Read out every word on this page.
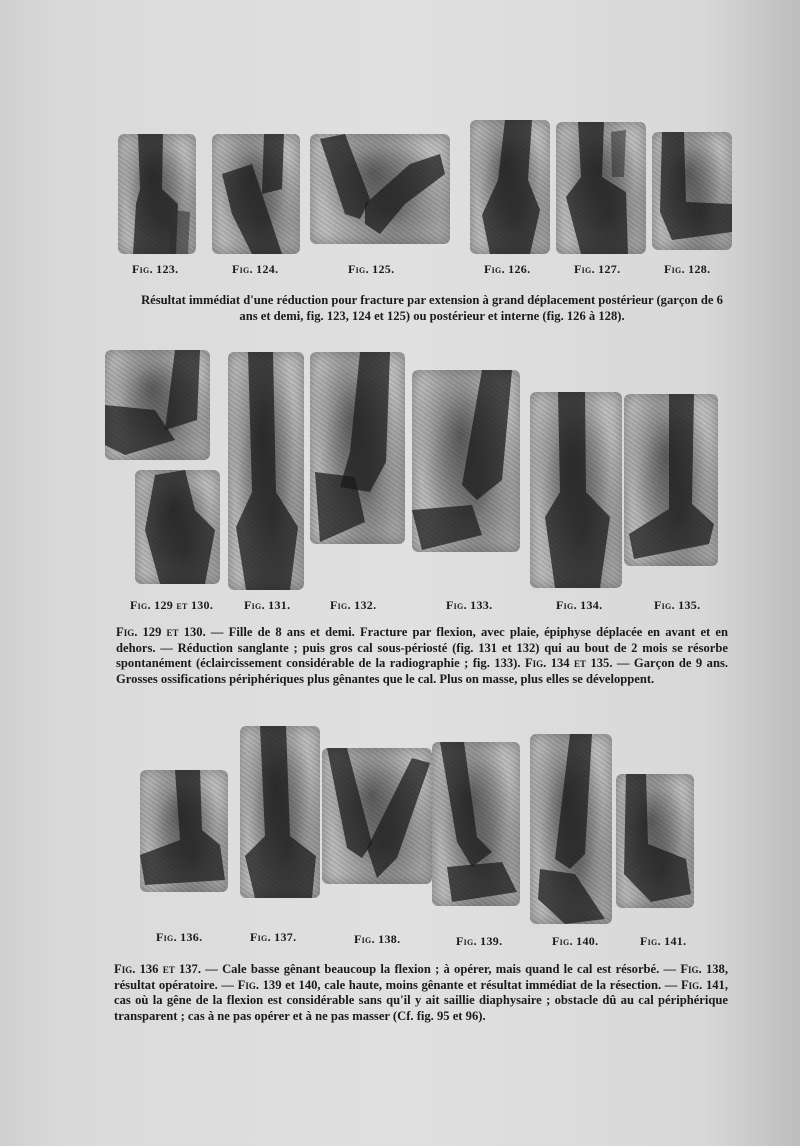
Fig. 123.	Fig. 124.	Fig. 125.	Fig. 126.	Fig. 127.	Fig. 128.
Résultat immédiat d'une réduction pour fracture par extension à grand déplacement postérieur (garçon de 6 ans et demi, fig. 123, 124 et 125) ou postérieur et interne (fig. 126 à 128).
Fig. 129 et 130.	Fig. 131.	Fig. 132.	Fig. 133.	Fig. 134.	Fig. 135.

Fig. 129 et 130. — Fille de 8 ans et demi. Fracture par flexion, avec plaie, épiphyse déplacée en avant et en dehors. — Réduction sanglante ; puis gros cal sous-périosté (fig. 131 et 132) qui au bout de 2 mois se résorbe spontanément (éclaircissement considérable de la radiographie ; fig. 133). Fig. 134 et 135. — Garçon de 9 ans. Grosses ossifications périphériques plus gênantes que le cal. Plus on masse, plus elles se développent.

Fig. 136.	Fig. 137.	Fig. 138.	Fig. 139.	Fig. 140.	Fig. 141.

Fig. 136 et 137. — Cale basse gênant beaucoup la flexion ; à opérer, mais quand le cal est résorbé. — Fig. 138, résultat opératoire. — Fig. 139 et 140, cale haute, moins gênante et résultat immédiat de la résection. — Fig. 141, cas où la gêne de la flexion est considérable sans qu'il y ait saillie diaphysaire ; obstacle dû au cal périphérique transparent ; cas à ne pas opérer et à ne pas masser (Cf. fig. 95 et 96).
